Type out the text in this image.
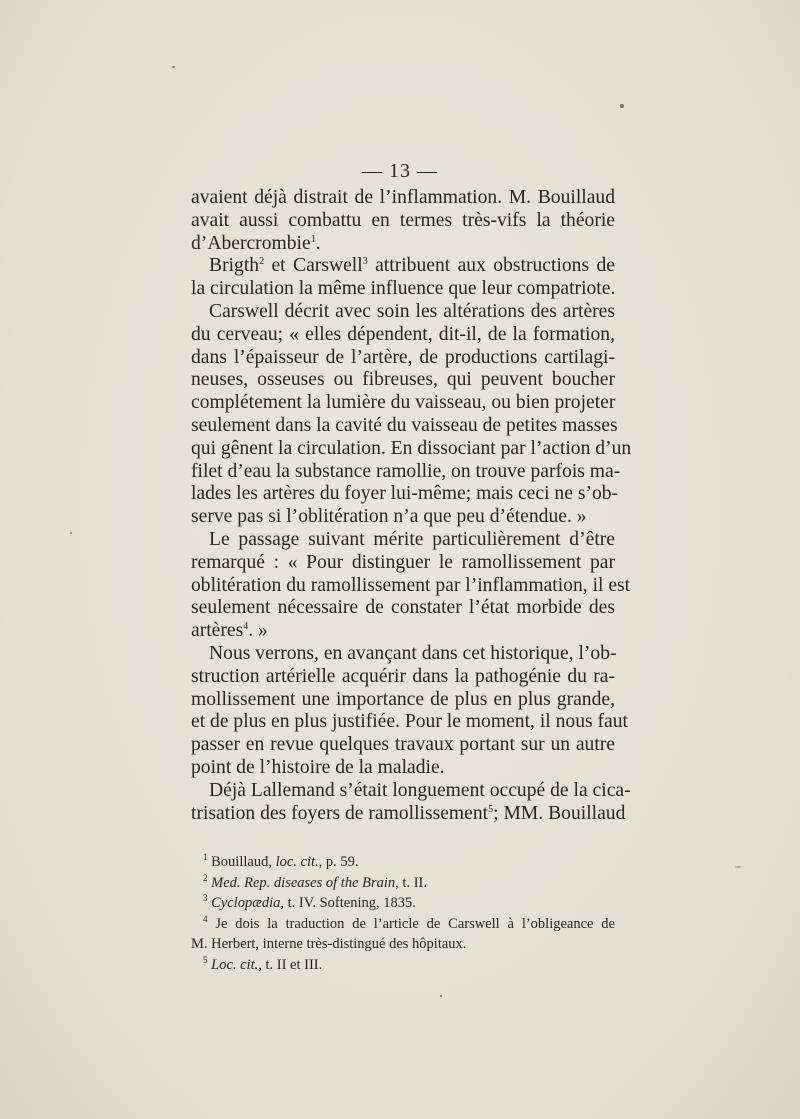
— 13 —
avaient déjà distrait de l’inflammation. M. Bouillaud
avait aussi combattu en termes très-vifs la théorie
d’Abercrombie$^1$.
Brigth$^2$ et Carswell$^3$ attribuent aux obstructions de
la circulation la même influence que leur compatriote.
Carswell décrit avec soin les altérations des artères
du cerveau; « elles dépendent, dit-il, de la formation,
dans l’épaisseur de l’artère, de productions cartilagi-
neuses, osseuses ou fibreuses, qui peuvent boucher
complétement la lumière du vaisseau, ou bien projeter
seulement dans la cavité du vaisseau de petites masses
qui gênent la circulation. En dissociant par l’action d’un
filet d’eau la substance ramollie, on trouve parfois ma-
lades les artères du foyer lui-même; mais ceci ne s’ob-
serve pas si l’oblitération n’a que peu d’étendue. »
Le passage suivant mérite particulièrement d’être
remarqué : « Pour distinguer le ramollissement par
oblitération du ramollissement par l’inflammation, il est
seulement nécessaire de constater l’état morbide des
artères$^4$. »
Nous verrons, en avançant dans cet historique, l’ob-
struction artérielle acquérir dans la pathogénie du ra-
mollissement une importance de plus en plus grande,
et de plus en plus justifiée. Pour le moment, il nous faut
passer en revue quelques travaux portant sur un autre
point de l’histoire de la maladie.
Déjà Lallemand s’était longuement occupé de la cica-
trisation des foyers de ramollissement$^5$; MM. Bouillaud
$^1$ Bouillaud, loc. cit., p. 59.
$^2$ Med. Rep. diseases of the Brain, t. II.
$^3$ Cyclopædia, t. IV. Softening, 1835.
$^4$ Je dois la traduction de l’article de Carswell à l’obligeance de
M. Herbert, interne très-distingué des hôpitaux.
$^5$ Loc. cit., t. II et III.
